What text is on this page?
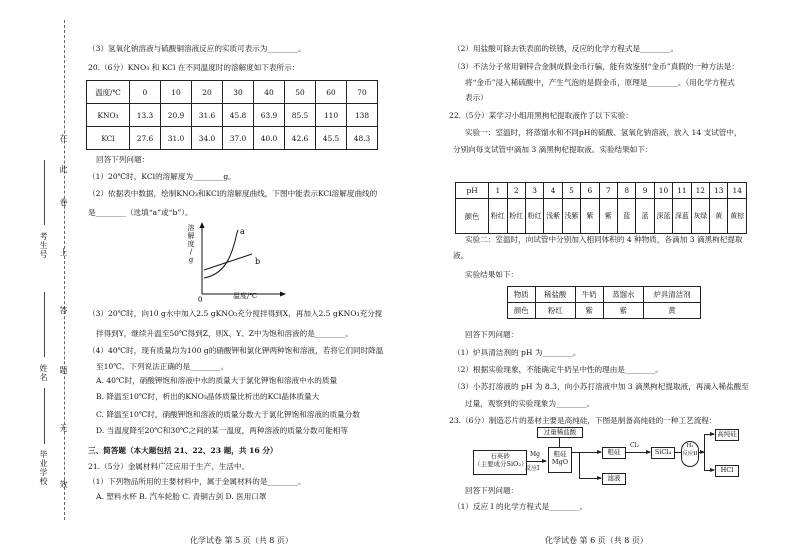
在
此
卷
上
答
题
无
效
考生号
姓名
毕业学校
（3）氢氧化钠溶液与硫酸铜溶液反应的实质可表示为________。
20.（6分）KNO₃ 和 KCl 在不同温度时的溶解度如下表所示：
温度/℃	0	10	20	30	40	50	60	70
KNO₃	13.3	20.9	31.6	45.8	63.9	85.5	110	138
KCl	27.6	31.0	34.0	37.0	40.0	42.6	45.5	48.3
回答下列问题：
（1）20℃时，KCl的溶解度为________g。
（2）依据表中数据，绘制KNO₃和KCl的溶解度曲线，下图中能表示KCl溶解度曲线的
是________（选填“a”或“b”）。
a
b
0
溶
解
度
/
g
温度/℃
（3）20℃时，向10 g水中加入2.5 gKNO₃充分搅拌得到X，再加入2.5 gKNO₃充分搅
拌得到Y，继续升温至50℃得到Z，则X、Y、Z中为饱和溶液的是________。
（4）40℃时，现有质量均为100 g的硝酸钾和氯化钾两种饱和溶液，若将它们同时降温
至10℃。下列说法正确的是________。
A. 40℃时，硝酸钾饱和溶液中水的质量大于氯化钾饱和溶液中水的质量
B. 降温至10℃时，析出的KNO₃晶体质量比析出的KCl晶体质量大
C. 降温至10℃时，硝酸钾饱和溶液的质量分数大于氯化钾饱和溶液的质量分数
D. 当温度降至20℃和30℃之间的某一温度，两种溶液的质量分数可能相等
三、简答题（本大题包括 21、22、23 题，共 16 分）
21.（5分）金属材料广泛应用于生产、生活中。
（1）下列物品所用的主要材料中，属于金属材料的是________。
A. 塑料水杯 B. 汽车轮胎 C. 青铜古剑 D. 医用口罩
化学试卷 第 5 页（共 8 页）
（2）用盐酸可除去铁表面的铁锈，反应的化学方程式是________。
（3）不法分子常用铜锌合金制成假金币行骗，能有效鉴别“金币”真假的一种方法是：
将“金币”浸入稀硫酸中，产生气泡的是假金币，原理是________。（用化学方程式
表示）
22.（5分）某学习小组用黑枸杞提取液作了以下实验：
实验一：室温时，将蒸馏水和不同pH的硫酸、氢氧化钠溶液，放入 14 支试管中，
分别向每支试管中滴加 3 滴黑枸杞提取液。实验结果如下：
pH	1	2	3	4	5	6	7	8	9	10	11	12	13	14
颜色	粉红	粉红	粉红	浅紫	浅紫	紫	紫	蓝	蓝	深蓝	深蓝	灰绿	黄	黄棕
实验二：室温时，向试管中分别加入相同体积的 4 种物质，各滴加 3 滴黑枸杞提取
液。
实验结果如下：
物质	稀盐酸	牛奶	蒸馏水	炉具清洁剂
颜色	粉红	紫	紫	黄
回答下列问题：
（1）炉具清洁剂的 pH 为________。
（2）根据实验现象，不能确定牛奶呈中性的理由是________。
（3）小苏打溶液的 pH 为 8.3，向小苏打溶液中加 3 滴黑枸杞提取液，再滴入稀盐酸至
过量，观察到的实验现象为________。
23.（6分）制造芯片的基材主要是高纯硅，下图是制备高纯硅的一种工艺流程：
石英砂
（主要成分SiO₂）
Mg
反应I
过量稀盐酸
粗硅
MgO
粗硅
滤液
Cl₂
SiCl₄
H₂
反应II
高纯硅
HCl
回答下列问题：
（1）反应 I 的化学方程式是________。
化学试卷 第 6 页（共 8 页）
